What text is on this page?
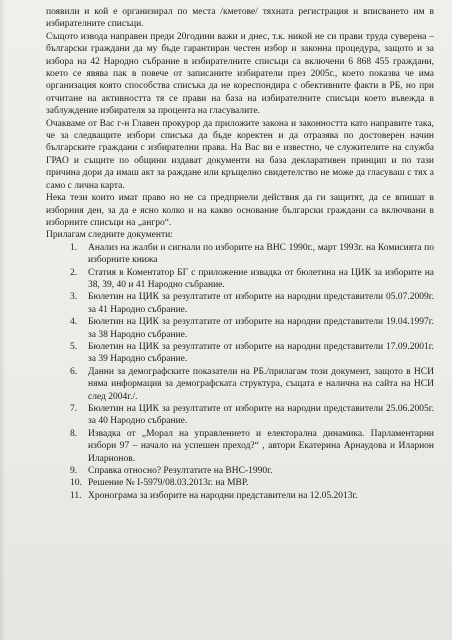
появили и кой е организирал по места /кметове/ тяхната регистрация и вписването им в избирателните списъци.

Същото изводa направен преди 20години важи и днес, т.к. никой не си прави труда суверена – български граждани да му бъде гарантиран честен избор и законна процедура, защото и за избора на 42 Народно събрание в избирателните списъци са включени 6 868 455 граждани, което се явява пак в повече от записаните избиратели през 2005г., което показва че има организация която способства списъка да не кореспондира с обективните факти в РБ, но при отчитане на активността тя се прави на база на избирателните списъци което въвежда в заблуждение избирателя за процента на гласувалите.

Очакваме от Вас г-н Главен прокурор да приложите закона и законността като направите така, че за следващите избори списъка да бъде коректен и да отразява по достоверен начин българските граждани с избирателни права. На Вас ви е известно, че служителите на служба ГРАО и същите по общини издават документи на база декларативен принцип и по тази причина дори да имаш акт за раждане или кръщелно свидетелство не може да гласуваш с тях а само с лична карта.

Нека тези които имат право но не са предприели действия да ги защитят, да се впишат в изборния ден, за да е ясно колко и на какво основание български граждани са включвани в изборните списъци на „ангро“.

Прилагам следните документи:

1.	Анализ на жалби и сигнали по изборите на ВНС 1990г., март 1993г. на Комисията по изборните книжа
2.	Статия в Коментатор БГ с приложение извадка от бюлетина на ЦИК за изборите на 38, 39, 40 и 41 Народно събрание.
3.	Бюлетин на ЦИК за резултатите от изборите на народни представители 05.07.2009г. за 41 Народно събрание.
4.	Бюлетин на ЦИК за резултатите от изборите на народни представители 19.04.1997г. за 38 Народно събрание.
5.	Бюлетин на ЦИК за резултатите от изборите на народни представители 17.09.2001г. за 39 Народно събрание.
6.	Данни за демографските показатели на РБ./прилагам този документ, защото в НСИ няма информация за демографската структура, същата е налична на сайта на НСИ след 2004г./.
7.	Бюлетин на ЦИК за резултатите от изборите на народни представители 25.06.2005г. за 40 Народно събрание.
8.	Извадка от „Морал на управлението и електорална динамика. Парламентарни избори 97 – начало на успешен преход?“ , автори Екатерина Арнаудова и Иларион Иларионов.
9.	Справка относно? Резултатите на ВНС-1990г.
10. Решение № I-5979/08.03.2013г. на МВР.
11. Хронограма за изборите на народни представители на 12.05.2013г.
